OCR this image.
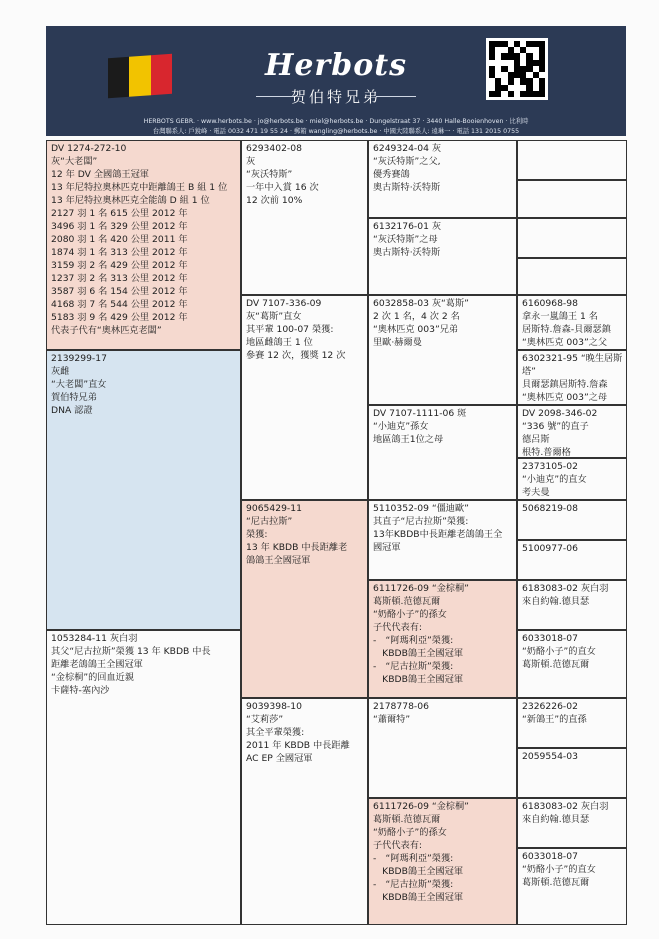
Herbots
贺伯特兄弟
HERBOTS GEBR. · www.herbots.be · jo@herbots.be · miel@herbots.be · Dungelstraat 37 · 3440 Halle-Booienhoven · 比利時
台灣聯系人: 戶銳峰 · 電話 0032 471 19 55 24 · 郵箱 wangling@herbots.be · 中國大陸聯系人: 遠琳一 · 電話 131 2015 0755
2139299-17
灰雌
“大老闆”直女
賀伯特兄弟
DNA 認證
DV 1274-272-10
灰“大老闆”
12 年 DV 全國鴿王冠軍
13 年尼特拉奧林匹克中距離鴿王 B 組 1 位
13 年尼特拉奧林匹克全能鴿 D 組 1 位
2127 羽 1 名 615 公里 2012 年
3496 羽 1 名 329 公里 2012 年
2080 羽 1 名 420 公里 2011 年
1874 羽 1 名 313 公里 2012 年
3159 羽 2 名 429 公里 2012 年
1237 羽 2 名 313 公里 2012 年
3587 羽 6 名 154 公里 2012 年
4168 羽 7 名 544 公里 2012 年
5183 羽 9 名 429 公里 2012 年
代表子代有“奧林匹克老闆”
1053284-11 灰白羽
其父“尼古拉斯”榮獲 13 年 KBDB 中長
距離老鴿鴿王全國冠軍
“金棕桐”的回血近親
卡薩特-塞內沙
6293402-08
灰
“灰沃特斯”
一年中入賞 16 次
12 次前 10%
DV 7107-336-09
灰“葛斯”直女
其平輩 100-07 榮獲:
地區雌鴿王 1 位
參賽 12 次，獲獎 12 次
9065429-11
“尼古拉斯”
榮獲:
13 年 KBDB 中長距離老
鴿鴿王全國冠軍
9039398-10
“艾莉莎”
其全平輩榮獲:
2011 年 KBDB 中長距離
AC EP 全國冠軍
6249324-04 灰
“灰沃特斯”之父,
優秀賽鴿
奧古斯特·沃特斯
6132176-01 灰
“灰沃特斯”之母
奧古斯特·沃特斯
6032858-03 灰“葛斯”
2 次 1 名，4 次 2 名
“奧林匹克 003”兄弟
里歐·赫爾曼
DV 7107-1111-06 斑
“小迪克”孫女
地區鴿王1位之母
5110352-09 “僵迪歐”
其直子“尼古拉斯”榮獲:
13年KBDB中長距離老鴿鴿王全
國冠軍
6111726-09 “金棕桐”
葛斯頓.范德瓦爾
“奶酪小子”的孫女
子代代表有:
-　“阿瑪利亞”榮獲:
　KBDB鴿王全國冠軍
-　“尼古拉斯”榮獲:
　KBDB鴿王全國冠軍
2178778-06
“蕭爾特”
6111726-09 “金棕桐”
葛斯頓.范德瓦爾
“奶酪小子”的孫女
子代代表有:
-　“阿瑪利亞”榮獲:
　KBDB鴿王全國冠軍
-　“尼古拉斯”榮獲:
　KBDB鴿王全國冠軍
6160968-98
拿永一嵐鴿王 1 名
居斯特.詹森-貝爾瑟鎮
“奧林匹克 003”之父
6302321-95 “晚生居斯
塔”
貝爾瑟鎮居斯特.詹森
“奧林匹克 003”之母
DV 2098-346-02
“336 號”的直子
德呂斯
根特.普爾格
2373105-02
“小迪克”的直女
考夫曼
5068219-08
5100977-06
6183083-02 灰白羽
來自約翰.德貝瑟
6033018-07
“奶酪小子”的直女
葛斯頓.范德瓦爾
2326226-02
“新鴿王”的直孫
2059554-03
6183083-02 灰白羽
來自約翰.德貝瑟
6033018-07
“奶酪小子”的直女
葛斯頓.范德瓦爾
